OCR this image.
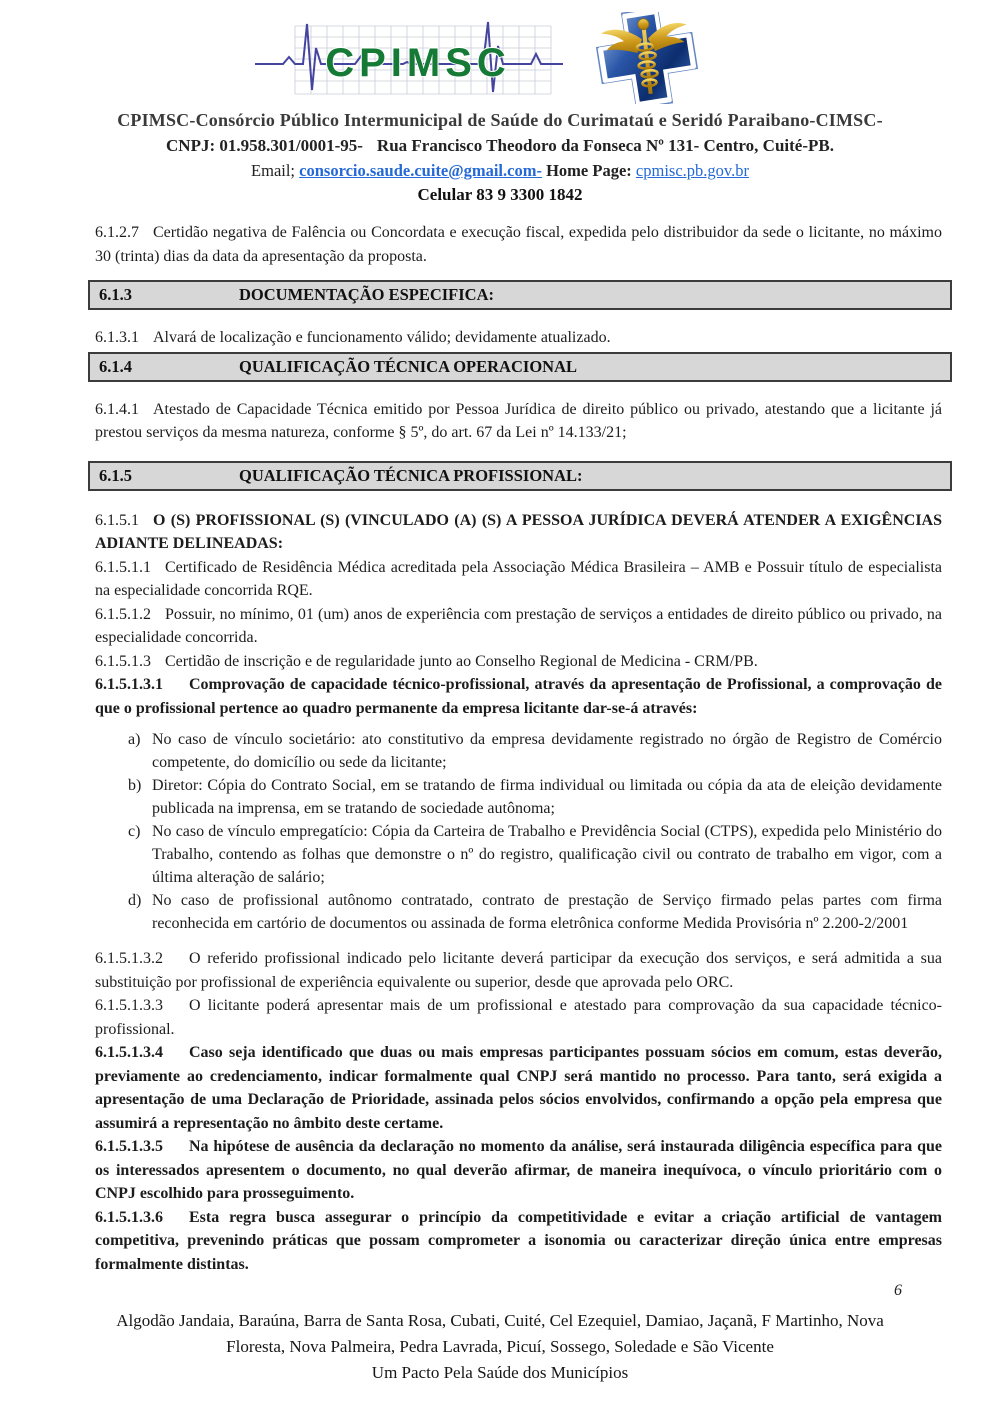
CPIMSC
CPIMSC-Consórcio Público Intermunicipal de Saúde do Curimataú e Seridó Paraibano-CIMSC-
CNPJ: 01.958.301/0001-95- Rua Francisco Theodoro da Fonseca Nº 131- Centro, Cuité-PB.
Email; consorcio.saude.cuite@gmail.com- Home Page: cpmisc.pb.gov.br
Celular 83 9 3300 1842
6.1.2.7 Certidão negativa de Falência ou Concordata e execução fiscal, expedida pelo distribuidor da sede o licitante, no máximo 30 (trinta) dias da data da apresentação da proposta.
6.1.3	DOCUMENTAÇÃO ESPECIFICA:
6.1.3.1 Alvará de localização e funcionamento válido; devidamente atualizado.
6.1.4	QUALIFICAÇÃO TÉCNICA OPERACIONAL
6.1.4.1 Atestado de Capacidade Técnica emitido por Pessoa Jurídica de direito público ou privado, atestando que a licitante já prestou serviços da mesma natureza, conforme § 5º, do art. 67 da Lei nº 14.133/21;
6.1.5	QUALIFICAÇÃO TÉCNICA PROFISSIONAL:
6.1.5.1 O (S) PROFISSIONAL (S) (VINCULADO (A) (S) A PESSOA JURÍDICA DEVERÁ ATENDER A EXIGÊNCIAS ADIANTE DELINEADAS:
6.1.5.1.1 Certificado de Residência Médica acreditada pela Associação Médica Brasileira – AMB e Possuir título de especialista na especialidade concorrida RQE.
6.1.5.1.2 Possuir, no mínimo, 01 (um) anos de experiência com prestação de serviços a entidades de direito público ou privado, na especialidade concorrida.
6.1.5.1.3 Certidão de inscrição e de regularidade junto ao Conselho Regional de Medicina - CRM/PB.
6.1.5.1.3.1 Comprovação de capacidade técnico-profissional, através da apresentação de Profissional, a comprovação de que o profissional pertence ao quadro permanente da empresa licitante dar-se-á através:
a) No caso de vínculo societário: ato constitutivo da empresa devidamente registrado no órgão de Registro de Comércio competente, do domicílio ou sede da licitante;
b) Diretor: Cópia do Contrato Social, em se tratando de firma individual ou limitada ou cópia da ata de eleição devidamente publicada na imprensa, em se tratando de sociedade autônoma;
c) No caso de vínculo empregatício: Cópia da Carteira de Trabalho e Previdência Social (CTPS), expedida pelo Ministério do Trabalho, contendo as folhas que demonstre o nº do registro, qualificação civil ou contrato de trabalho em vigor, com a última alteração de salário;
d) No caso de profissional autônomo contratado, contrato de prestação de Serviço firmado pelas partes com firma reconhecida em cartório de documentos ou assinada de forma eletrônica conforme Medida Provisória nº 2.200-2/2001
6.1.5.1.3.2 O referido profissional indicado pelo licitante deverá participar da execução dos serviços, e será admitida a sua substituição por profissional de experiência equivalente ou superior, desde que aprovada pelo ORC.
6.1.5.1.3.3 O licitante poderá apresentar mais de um profissional e atestado para comprovação da sua capacidade técnico-profissional.
6.1.5.1.3.4 Caso seja identificado que duas ou mais empresas participantes possuam sócios em comum, estas deverão, previamente ao credenciamento, indicar formalmente qual CNPJ será mantido no processo. Para tanto, será exigida a apresentação de uma Declaração de Prioridade, assinada pelos sócios envolvidos, confirmando a opção pela empresa que assumirá a representação no âmbito deste certame.
6.1.5.1.3.5 Na hipótese de ausência da declaração no momento da análise, será instaurada diligência específica para que os interessados apresentem o documento, no qual deverão afirmar, de maneira inequívoca, o vínculo prioritário com o CNPJ escolhido para prosseguimento.
6.1.5.1.3.6 Esta regra busca assegurar o princípio da competitividade e evitar a criação artificial de vantagem competitiva, prevenindo práticas que possam comprometer a isonomia ou caracterizar direção única entre empresas formalmente distintas.
6
Algodão Jandaia, Baraúna, Barra de Santa Rosa, Cubati, Cuité, Cel Ezequiel, Damiao, Jaçanã, F Martinho, Nova
Floresta, Nova Palmeira, Pedra Lavrada, Picuí, Sossego, Soledade e São Vicente
Um Pacto Pela Saúde dos Municípios
